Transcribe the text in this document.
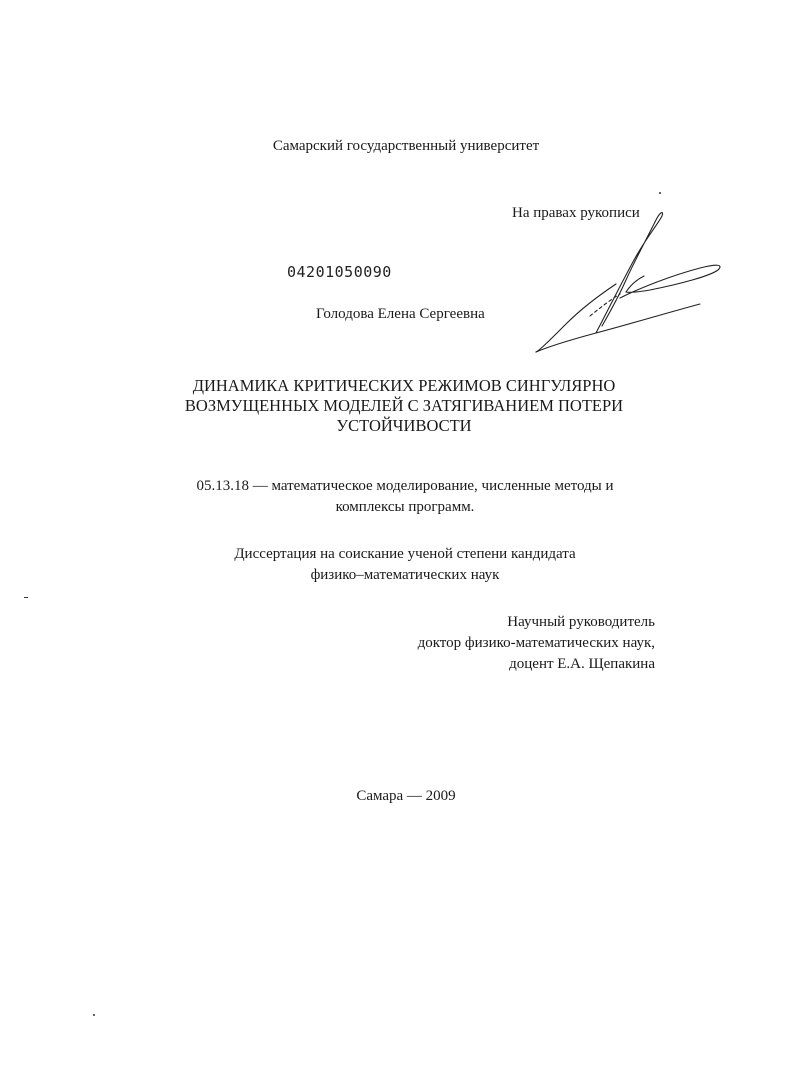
Самарский государственный университет
На правах рукописи
04201050090
Голодова Елена Сергеевна
ДИНАМИКА КРИТИЧЕСКИХ РЕЖИМОВ СИНГУЛЯРНО
ВОЗМУЩЕННЫХ МОДЕЛЕЙ С ЗАТЯГИВАНИЕМ ПОТЕРИ
УСТОЙЧИВОСТИ
05.13.18 — математическое моделирование, численные методы и
комплексы программ.
Диссертация на соискание ученой степени кандидата
физико–математических наук
Научный руководитель
доктор физико-математических наук,
доцент Е.А. Щепакина
Самара — 2009
